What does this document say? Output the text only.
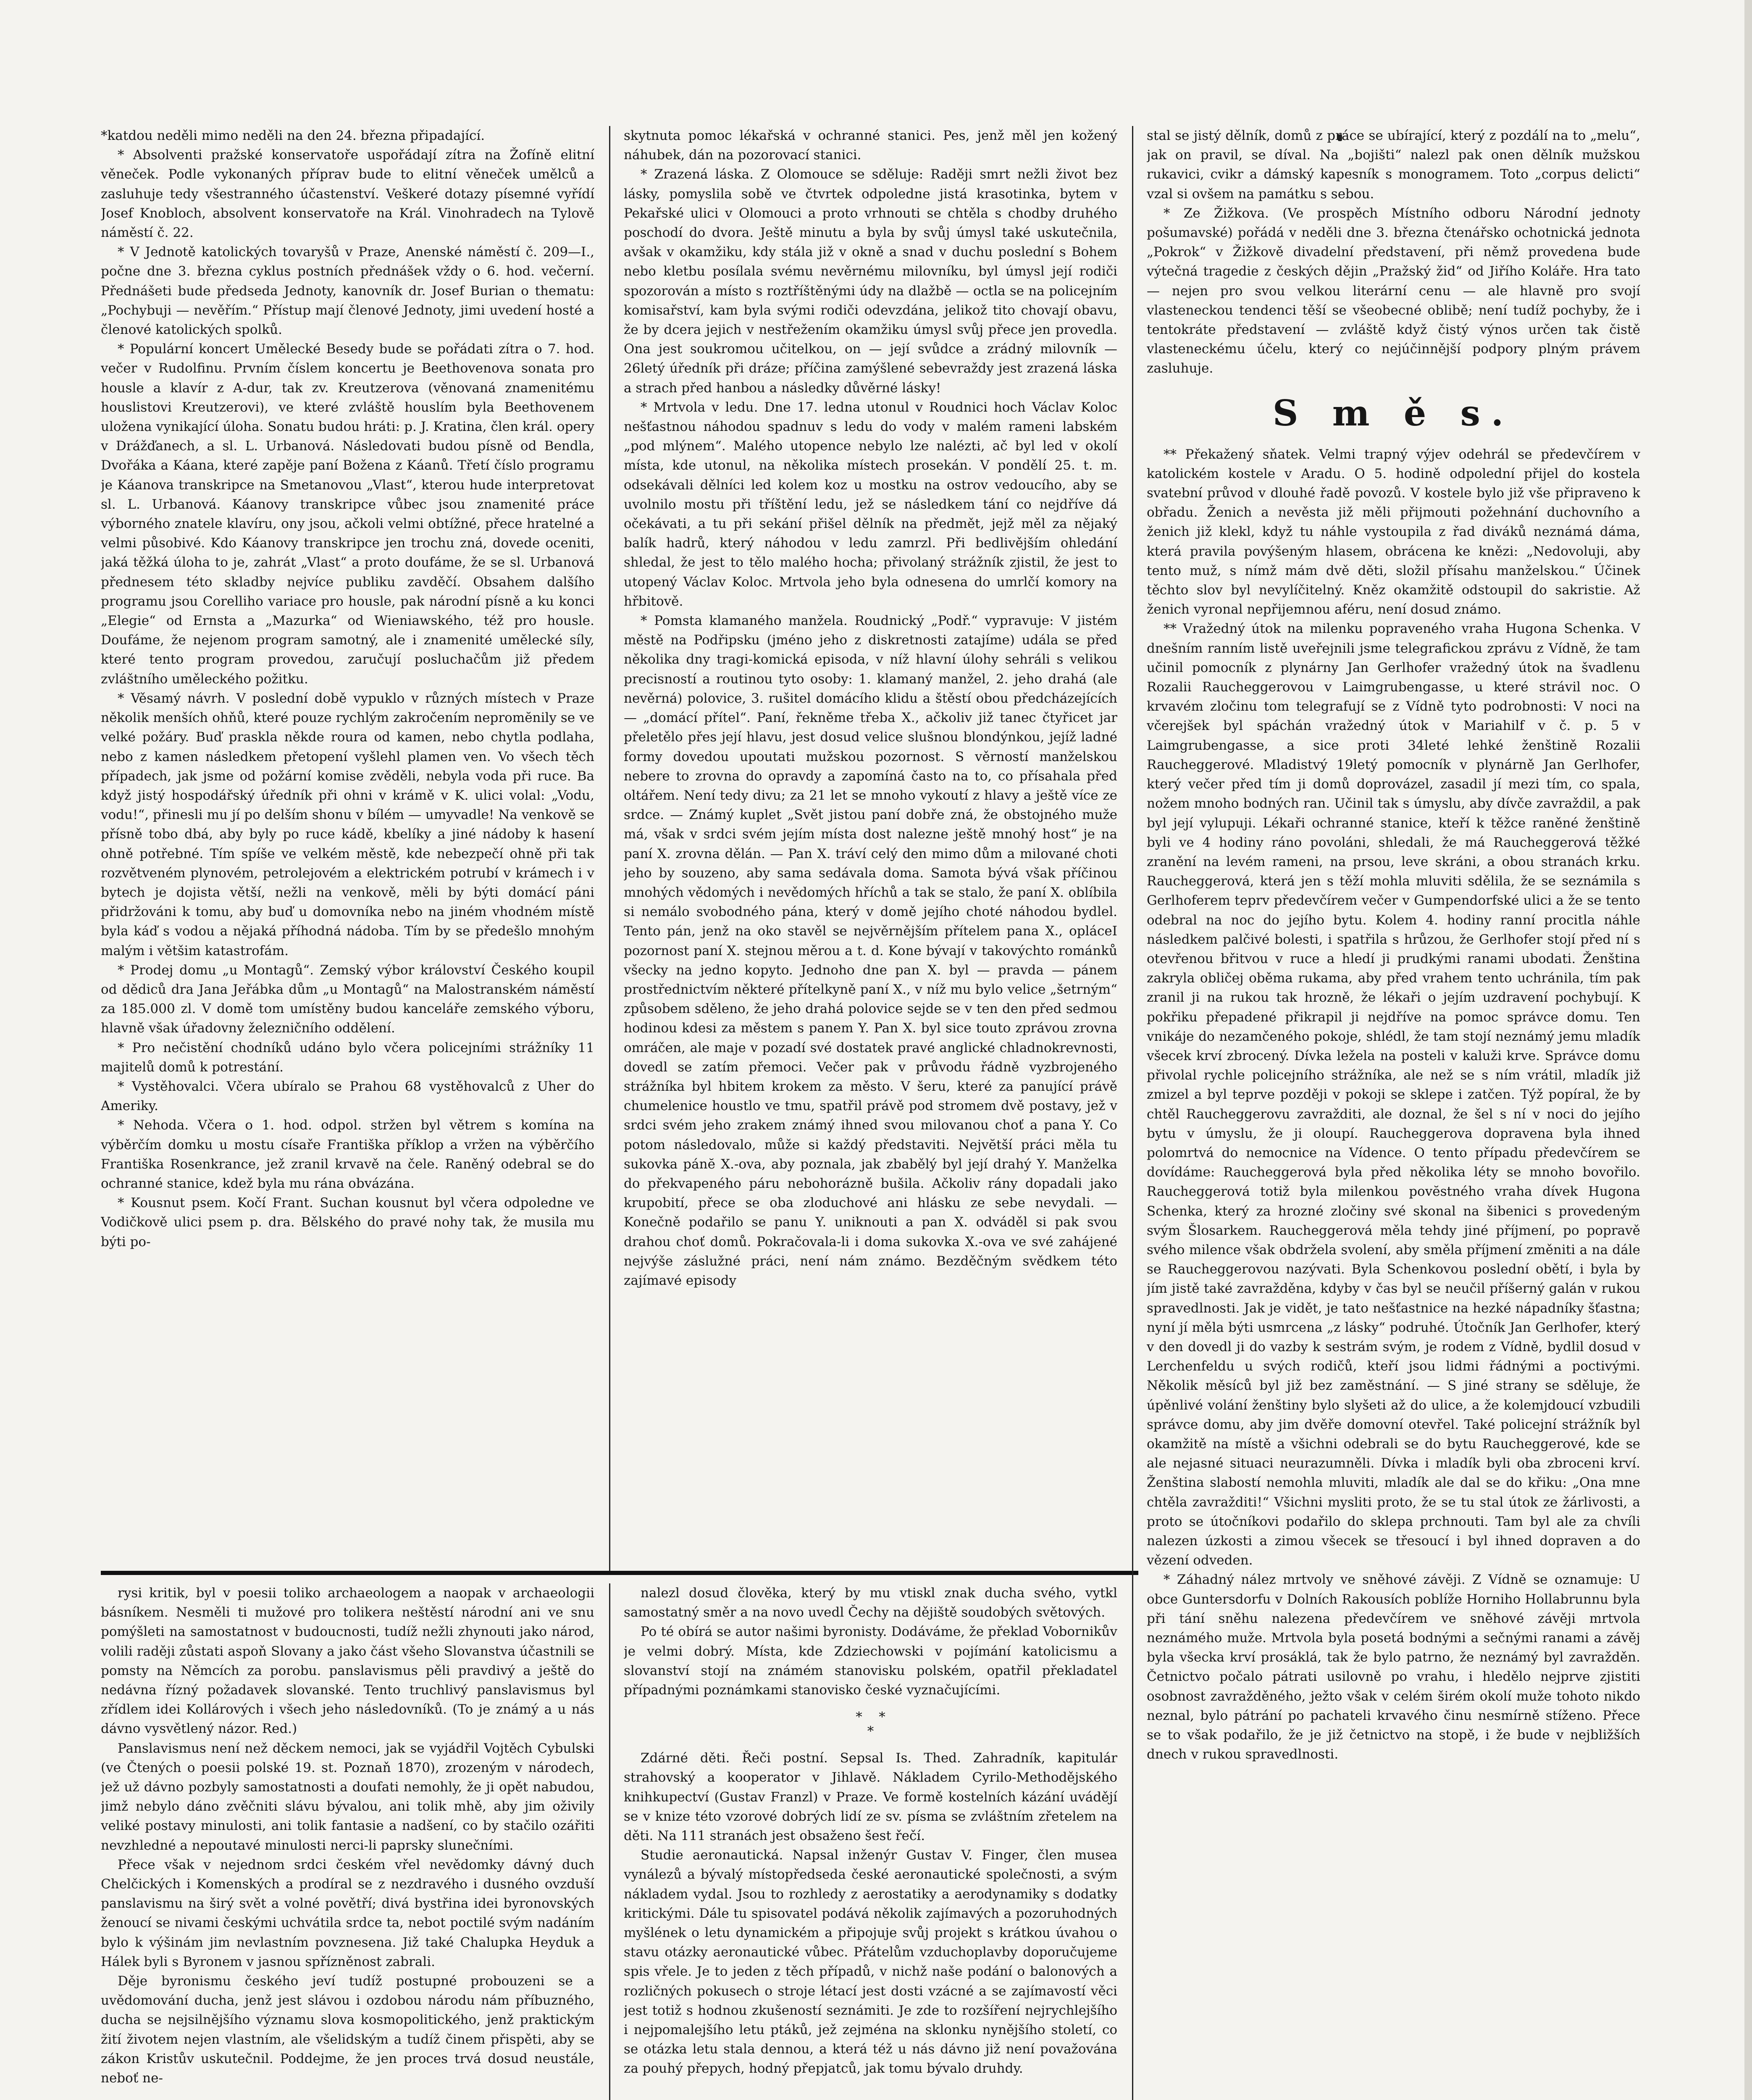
*katdou neděli mimo neděli na den 24. března připadající.

* Absolventi pražské konservatoře uspořádají zítra na Žofíně elitní věneček. Podle vykonaných příprav bude to elitní věneček umělců a zasluhuje tedy všestranného účastenství. Veškeré dotazy písemné vyřídí Josef Knobloch, absolvent konservatoře na Král. Vinohradech na Tylově náměstí č. 22.

* V Jednotě katolických tovaryšů v Praze, Anenské náměstí č. 209—I., počne dne 3. března cyklus postních přednášek vždy o 6. hod. večerní. Přednášeti bude předseda Jednoty, kanovník dr. Josef Burian o thematu: „Pochybuji — nevěřím.“ Přístup mají členové Jednoty, jimi uvedení hosté a členové katolických spolků.

* Populární koncert Umělecké Besedy bude se pořádati zítra o 7. hod. večer v Rudolfinu. Prvním číslem koncertu je Beethovenova sonata pro housle a klavír z A-dur, tak zv. Kreutzerova (věnovaná znamenitému houslistovi Kreutzerovi), ve které zvláště houslím byla Beethovenem uložena vynikající úloha. Sonatu budou hráti: p. J. Kratina, člen král. opery v Drážďanech, a sl. L. Urbanová. Následovati budou písně od Bendla, Dvořáka a Káana, které zapěje paní Božena z Káanů. Třetí číslo programu je Káanova transkripce na Smetanovou „Vlast“, kterou hude interpretovat sl. L. Urbanová. Káanovy transkripce vůbec jsou znamenité práce výborného znatele klavíru, ony jsou, ačkoli velmi obtížné, přece hratelné a velmi působivé. Kdo Káanovy transkripce jen trochu zná, dovede oceniti, jaká těžká úloha to je, zahrát „Vlast“ a proto doufáme, že se sl. Urbanová přednesem této skladby nejvíce publiku zavděčí. Obsahem dalšího programu jsou Corelliho variace pro housle, pak národní písně a ku konci „Elegie“ od Ernsta a „Mazurka“ od Wieniawského, též pro housle. Doufáme, že nejenom program samotný, ale i znamenité umělecké síly, které tento program provedou, zaručují posluchačům již předem zvláštního uměleckého požitku.

* Věsamý návrh. V poslední době vypuklo v různých místech v Praze několik menších ohňů, které pouze rychlým zakročením nepromĕnily se ve velké požáry. Buď praskla někde roura od kamen, nebo chytla podlaha, nebo z kamen následkem přetopení vyšlehl plamen ven. Vo všech těch případech, jak jsme od požární komise zvěděli, nebyla voda při ruce. Ba když jistý hospodářský úředník při ohni v krámě v K. ulici volal: „Vodu, vodu!“, přinesli mu jí po delším shonu v bílém — umyvadle! Na venkově se přísně tobo dbá, aby byly po ruce kádě, kbelíky a jiné nádoby k hasení ohně potřebné. Tím spíše ve velkém městě, kde nebezpečí ohně při tak rozvětveném plynovém, petrolejovém a elektrickém potrubí v krámech i v bytech je dojista větší, nežli na venkově, měli by býti domácí páni přidržováni k tomu, aby buď u domovníka nebo na jiném vhodném místě byla káď s vodou a nějaká příhodná nádoba. Tím by se předešlo mnohým malým i většim katastrofám.

* Prodej domu „u Montagů“. Zemský výbor království Českého koupil od dědiců dra Jana Jeřábka dům „u Montagů“ na Malostranském náměstí za 185.000 zl. V domě tom umístěny budou kanceláře zemského výboru, hlavně však úřadovny železničního oddělení.

* Pro nečistění chodníků udáno bylo včera policejními strážníky 11 majitelů domů k potrestání.

* Vystěhovalci. Včera ubíralo se Prahou 68 vystěhovalců z Uher do Ameriky.

* Nehoda. Včera o 1. hod. odpol. stržen byl větrem s komína na výběrčím domku u mostu císaře Františka příklop a vržen na výběrčího Františka Rosenkrance, jež zranil krvavě na čele. Raněný odebral se do ochranné stanice, kdež byla mu rána obvázána.

* Kousnut psem. Kočí Frant. Suchan kousnut byl včera odpoledne ve Vodičkově ulici psem p. dra. Bělského do pravé nohy tak, že musila mu býti po-

skytnuta pomoc lékařská v ochranné stanici. Pes, jenž měl jen kožený náhubek, dán na pozorovací stanici.

* Zrazená láska. Z Olomouce se sděluje: Raději smrt nežli život bez lásky, pomyslila sobě ve čtvrtek odpoledne jistá krasotinka, bytem v Pekařské ulici v Olomouci a proto vrhnouti se chtěla s chodby druhého poschodí do dvora. Ještě minutu a byla by svůj úmysl také uskutečnila, avšak v okamžiku, kdy stála již v okně a snad v duchu poslední s Bohem nebo kletbu posílala svému nevěrnému milovníku, byl úmysl její rodiči spozorován a místo s roztříštěnými údy na dlažbě — octla se na policejním komisařství, kam byla svými rodiči odevzdána, jelikož tito chovají obavu, že by dcera jejich v nestřežením okamžiku úmysl svůj přece jen provedla. Ona jest soukromou učitelkou, on — její svůdce a zrádný milovník — 26letý úředník při dráze; příčina zamýšlené sebevraždy jest zrazená láska a strach před hanbou a následky důvěrné lásky!

* Mrtvola v ledu. Dne 17. ledna utonul v Roudnici hoch Václav Koloc nešťastnou náhodou spadnuv s ledu do vody v malém rameni labském „pod mlýnem“. Malého utopence nebylo lze nalézti, ač byl led v okolí místa, kde utonul, na několika místech prosekán. V pondělí 25. t. m. odsekávali dělníci led kolem koz u mostku na ostrov vedoucího, aby se uvolnilo mostu při tříštění ledu, jež se následkem tání co nejdříve dá očekávati, a tu při sekání přišel dělník na předmět, jejž měl za nějaký balík hadrů, který náhodou v ledu zamrzl. Při bedlivějším ohledání shledal, že jest to tělo malého hocha; přivolaný strážník zjistil, že jest to utopený Václav Koloc. Mrtvola jeho byla odnesena do umrlčí komory na hřbitově.

* Pomsta klamaného manžela. Roudnický „Podř.“ vypravuje: V jistém městě na Podřipsku (jméno jeho z diskretnosti zatajíme) udála se před několika dny tragi-komická episoda, v níž hlavní úlohy sehráli s velikou precisností a routinou tyto osoby: 1. klamaný manžel, 2. jeho drahá (ale nevěrná) polovice, 3. rušitel domácího klidu a štěstí obou předcházejících — „domácí přítel“. Paní, řekněme třeba X., ačkoliv již tanec čtyřicet jar přeletělo přes její hlavu, jest dosud velice slušnou blondýnkou, jejíž ladné formy dovedou upoutati mužskou pozornost. S věrností manželskou nebere to zrovna do opravdy a zapomíná často na to, co přísahala před oltářem. Není tedy divu; za 21 let se mnoho vykoutí z hlavy a ještě více ze srdce. — Známý kuplet „Svět jistou paní dobře zná, že obstojného muže má, však v srdci svém jejím místa dost nalezne ještě mnohý host“ je na paní X. zrovna dělán. — Pan X. tráví celý den mimo dům a milované choti jeho by souzeno, aby sama sedávala doma. Samota bývá však příčinou mnohých vědomých i nevědomých hříchů a tak se stalo, že paní X. oblíbila si nemálo svobodného pána, který v domě jejího choté náhodou bydlel. Tento pán, jenž na oko stavěl se nejvěrnějším přítelem pana X., opláceI pozornost paní X. stejnou měrou a t. d. Kone bývají v takovýchto románků všecky na jedno kopyto. Jednoho dne pan X. byl — pravda — pánem prostřednictvím některé přítelkyně paní X., v níž mu bylo velice „šetrným“ způsobem sděleno, že jeho drahá polovice sejde se v ten den před sedmou hodinou kdesi za městem s panem Y. Pan X. byl sice touto zprávou zrovna omráčen, ale maje v pozadí své dostatek pravé anglické chladnokrevnosti, dovedl se zatím přemoci. Večer pak v průvodu řádně vyzbrojeného strážníka byl hbitem krokem za město. V šeru, které za panující právě chumelenice houstlo ve tmu, spatřil právě pod stromem dvě postavy, jež v srdci svém jeho zrakem známý ihned svou milovanou choť a pana Y. Co potom následovalo, může si každý představiti. Nejvĕtší práci měla tu sukovka pánĕ X.-ova, aby poznala, jak zbabělý byl její drahý Y. Manželka do překvapeného páru nebohorázně bušila. Ačkoliv rány dopadali jako krupobití, přece se oba zloduchové ani hlásku ze sebe nevydali. — Konečně podařilo se panu Y. uniknouti a pan X. odváděl si pak svou drahou choť domů. Pokračovala-li i doma sukovka X.-ova ve své zahájené nejvýše záslužné práci, není nám známo. Bezděčným svědkem této zajímavé episody

stal se jistý dělník, domů z práce se ubírající, který z pozdálí na to „melu“, jak on pravil, se díval. Na „bojišti“ nalezl pak onen dělník mužskou rukavici, cvikr a dámský kapesník s monogramem. Toto „corpus delicti“ vzal si ovšem na památku s sebou.

* Ze Žižkova. (Ve prospěch Místního odboru Národní jednoty pošumavské) pořádá v neděli dne 3. března čtenářsko ochotnická jednota „Pokrok“ v Žižkově divadelní představení, při němž provedena bude výtečná tragedie z českých dějin „Pražský žid“ od Jiřího Koláře. Hra tato — nejen pro svou velkou literární cenu — ale hlavně pro svojí vlasteneckou tendenci těší se všeobecné oblibě; není tudíž pochyby, že i tentokráte představení — zvláště když čistý výnos určen tak čistě vlasteneckému účelu, který co nejúčinnější podpory plným právem zasluhuje.

S m ě s.

** Překažený sňatek. Velmi trapný výjev odehrál se předevčírem v katolickém kostele v Aradu. O 5. hodině odpolední přijel do kostela svatební průvod v dlouhé řadě povozů. V kostele bylo již vše připraveno k obřadu. Ženich a nevěsta již měli přijmouti požehnání duchovního a ženich již klekl, když tu náhle vystoupila z řad diváků neznámá dáma, která pravila povýšeným hlasem, obrácena ke knězi: „Nedovoluji, aby tento muž, s nímž mám dvě děti, složil přísahu manželskou.“ Účinek těchto slov byl nevylíčitelný. Kněz okamžitě odstoupil do sakristie. Až ženich vyronal nepřijemnou aféru, není dosud známo.

** Vražedný útok na milenku popraveného vraha Hugona Schenka. V dnešním ranním listě uveřejnili jsme telegrafickou zprávu z Vídně, že tam učinil pomocník z plynárny Jan Gerlhofer vražedný útok na švadlenu Rozalii Raucheggerovou v Laimgrubengasse, u které strávil noc. O krvavém zločinu tom telegrafují se z Vídně tyto podrobnosti: V noci na včerejšek byl spáchán vražedný útok v Mariahilf v č. p. 5 v Laimgrubengasse, a sice proti 34leté lehké ženštině Rozalii Raucheggerové. Mladistvý 19letý pomocník v plynárně Jan Gerlhofer, který večer před tím ji domů doprovázel, zasadil jí mezi tím, co spala, nožem mnoho bodných ran. Učinil tak s úmyslu, aby dívče zavraždil, a pak byl její vylupuji. Lékaři ochranné stanice, kteří k těžce raněné ženštině byli ve 4 hodiny ráno povoláni, shledali, že má Raucheggerová těžké zranění na levém rameni, na prsou, leve skráni, a obou stranách krku. Raucheggerová, která jen s těží mohla mluviti sdělila, že se seznámila s Gerlhoferem teprv předevčírem večer v Gumpendorfské ulici a že se tento odebral na noc do jejího bytu. Kolem 4. hodiny ranní procitla náhle následkem palčivé bolesti, i spatřila s hrůzou, že Gerlhofer stojí před ní s otevřenou břitvou v ruce a hledí ji prudkými ranami ubodati. Ženština zakryla obličej oběma rukama, aby před vrahem tento uchránila, tím pak zranil ji na rukou tak hrozně, že lékaři o jejím uzdravení pochybují. K pokřiku přepadené přikrapil ji nejdříve na pomoc správce domu. Ten vnikáje do nezamčeného pokoje, shlédl, že tam stojí neznámý jemu mladík všecek krví zbrocený. Dívka ležela na posteli v kaluži krve. Správce domu přivolal rychle policejního strážníka, ale než se s ním vrátil, mladík již zmizel a byl teprve později v pokoji se sklepe i zatčen. Týž popíral, že by chtěl Raucheggerovu zavražditi, ale doznal, že šel s ní v noci do jejího bytu v úmyslu, že ji oloupí. Raucheggerova dopravena byla ihned polomrtvá do nemocnice na Vídence. O tento případu předevčírem se dovídáme: Raucheggerová byla před několika léty se mnoho bovořilo. Raucheggerová totiž byla milenkou povĕstného vraha dívek Hugona Schenka, který za hrozné zločiny své skonal na šibenici s provedeným svým Šlosarkem. Raucheggerová měla tehdy jiné příjmení, po popravě svého milence však obdržela svolení, aby směla příjmení změniti a na dále se Raucheggerovou nazývati. Byla Schenkovou poslední obětí, i byla by jím jistě také zavražděna, kdyby v čas byl se neučil příšerný galán v rukou spravedlnosti. Jak je vidět, je tato nešťastnice na hezké nápadníky šťastna; nyní jí měla býti usmrcena „z lásky“ podruhé. Útočník Jan Gerlhofer, který v den dovedl ji do vazby k sestrám svým, je rodem z Vídně, bydlil dosud v Lerchenfeldu u svých rodičů, kteří jsou lidmi řádnými a poctivými. Několik měsíců byl již bez zaměstnání. — S jiné strany se sděluje, že úpěnlivé volání ženštiny bylo slyšeti až do ulice, a že kolemjdoucí vzbudili správce domu, aby jim dvěře domovní otevřel. Také policejní strážník byl okamžitě na místě a všichni odebrali se do bytu Raucheggerové, kde se ale nejasné situaci neurazumněli. Dívka i mladík byli oba zbroceni krví. Ženština slabostí nemohla mluviti, mladík ale dal se do křiku: „Ona mne chtěla zavražditi!“ Všichni mysliti proto, že se tu stal útok ze žárlivosti, a proto se útočníkovi podařilo do sklepa prchnouti. Tam byl ale za chvíli nalezen úzkosti a zimou všecek se třesoucí i byl ihned dopraven a do vězení odveden.

* Záhadný nález mrtvoly ve sněhové závěji. Z Vídně se oznamuje: U obce Guntersdorfu v Dolních Rakousích poblíže Horniho Hollabrunnu byla při tání sněhu nalezena předevčírem ve sněhové závěji mrtvola neznámého muže. Mrtvola byla posetá bodnými a sečnými ranami a závěj byla všecka krví prosáklá, tak že bylo patrno, že neznámý byl zavražděn. Četnictvo počalo pátrati usilovně po vrahu, i hledělo nejprve zjistiti osobnost zavražděného, ježto však v celém širém okolí muže tohoto nikdo neznal, bylo pátrání po pachateli krvavého činu nesmírně stíženo. Přece se to však podařilo, že je již četnictvo na stopě, i že bude v nejbližších dnech v rukou spravedlnosti.

rysi kritik, byl v poesii toliko archaeologem a naopak v archaeologii básníkem. Nesměli ti mužové pro tolikera neštěstí národní ani ve snu pomýšleti na samostatnost v budoucnosti, tudíž nežli zhynouti jako národ, volili raději zůstati aspoň Slovany a jako část všeho Slovanstva účastnili se pomsty na Němcích za porobu. panslavismus pěli pravdivý a ještě do nedávna řízný požadavek slovanské. Tento truchlivý panslavismus byl zřídlem idei Kollárových i všech jeho následovníků. (To je známý a u nás dávno vysvětlený názor. Red.)

Panslavismus není než děckem nemoci, jak se vyjádřil Vojtěch Cybulski (ve Čtených o poesii polské 19. st. Poznaň 1870), zrozeným v národech, jež už dávno pozbyly samostatnosti a doufati nemohly, že ji opět nabudou, jimž nebylo dáno zvěčniti slávu bývalou, ani tolik mhě, aby jim oživily veliké postavy minulosti, ani tolik fantasie a nadšení, co by stačilo ozářiti nevzhledné a nepoutavé minulosti nerci-li paprsky slunečními.

Přece však v nejednom srdci českém vřel nevědomky dávný duch Chelčických i Komenských a prodíral se z nezdravého i dusného ovzduší panslavismu na širý svět a volné povětří; divá bystřina idei byronovských ženoucí se nivami českými uchvátila srdce ta, nebot poctilé svým nadáním bylo k výšinám jim nevlastním povznesena. Již také Chalupka Heyduk a Hálek byli s Byronem v jasnou spřízněnost zabrali.

Děje byronismu českého jeví tudíž postupné probouzeni se a uvědomování ducha, jenž jest slávou i ozdobou národu nám příbuzného, ducha se nejsilnějšího významu slova kosmopolitického, jenž praktickým žití životem nejen vlastním, ale všelidským a tudíž činem přispěti, aby se zákon Kristův uskutečnil. Poddejme, že jen proces trvá dosud neustále, neboť ne-

nalezl dosud člověka, který by mu vtiskl znak ducha svého, vytkl samostatný směr a na novo uvedl Čechy na dějiště soudobých světových.

Po té obírá se autor našimi byronisty. Dodáváme, že překlad Vobornikův je velmi dobrý. Místa, kde Zdziechowski v pojímání katolicismu a slovanství stojí na známém stanovisku polském, opatřil překladatel případnými poznámkami stanovisko české vyznačujícími.

*    *
*

Zdárné děti. Řeči postní. Sepsal Is. Thed. Zahradník, kapitulár strahovský a kooperator v Jihlavě. Nákladem Cyrilo-Methodějského knihkupectví (Gustav Franzl) v Praze. Ve formě kostelních kázání uvádějí se v knize této vzorové dobrých lidí ze sv. písma se zvláštním zřetelem na děti. Na 111 stranách jest obsaženo šest řečí.

Studie aeronautická. Napsal inženýr Gustav V. Finger, člen musea vynálezů a bývalý místopředseda české aeronautické společnosti, a svým nákladem vydal. Jsou to rozhledy z aerostatiky a aerodynamiky s dodatky kritickými. Dále tu spisovatel podává několik zajímavých a pozoruhodných myšlének o letu dynamickém a připojuje svůj projekt s krátkou úvahou o stavu otázky aeronautické vůbec. Přátelům vzduchoplavby doporučujeme spis vřele. Je to jeden z těch případů, v nichž naše podání o balonových a rozličných pokusech o stroje létací jest dosti vzácné a se zajímavostí věci jest totiž s hodnou zkušeností seznámiti. Je zde to rozšíření nejrychlejšího i nejpomalejšího letu ptáků, jež zejména na sklonku nynějšího století, co se otázka letu stala dennou, a která též u nás dávno již není považována za pouhý přepych, hodný přepjatců, jak tomu bývalo druhdy.
